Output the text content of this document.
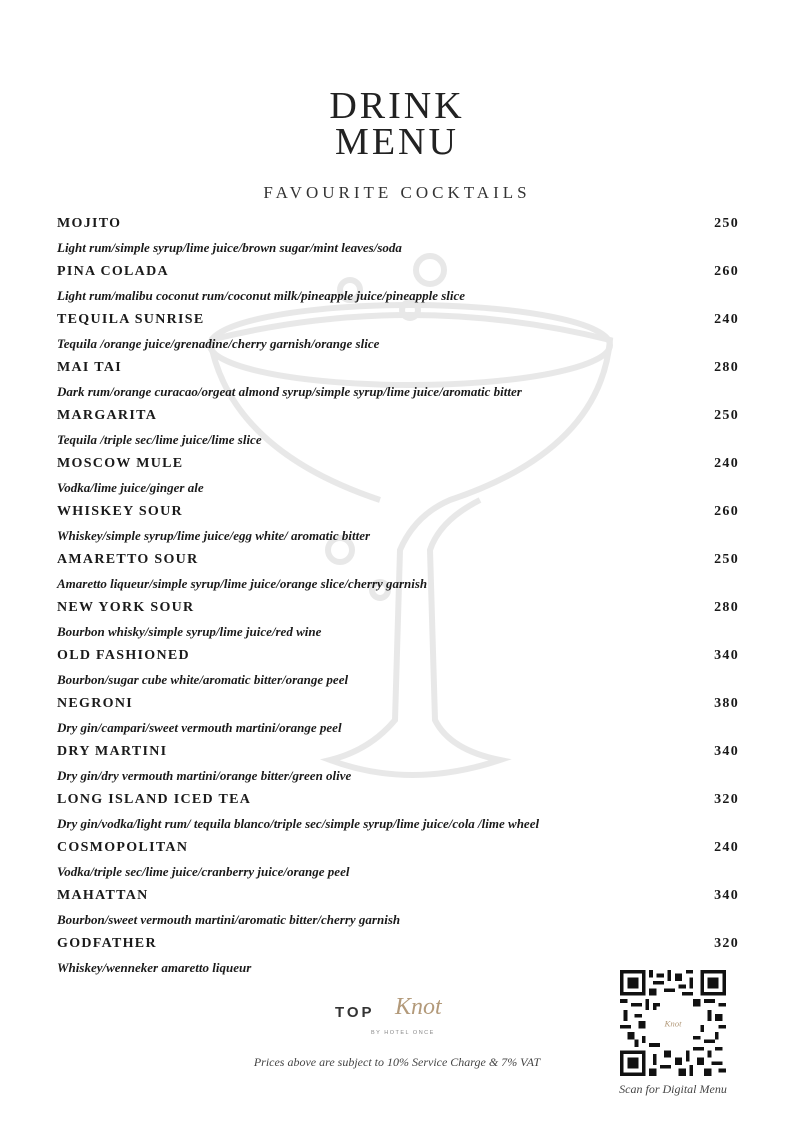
DRINK
MENU
FAVOURITE COCKTAILS
MOJITO	250
Light rum/simple syrup/lime juice/brown sugar/mint leaves/soda
PINA COLADA	260
Light rum/malibu coconut rum/coconut milk/pineapple juice/pineapple slice
TEQUILA SUNRISE	240
Tequila /orange juice/grenadine/cherry garnish/orange slice
MAI TAI	280
Dark rum/orange curacao/orgeat almond syrup/simple syrup/lime juice/aromatic bitter
MARGARITA	250
Tequila /triple sec/lime juice/lime slice
MOSCOW MULE	240
Vodka/lime juice/ginger ale
WHISKEY SOUR	260
Whiskey/simple syrup/lime juice/egg white/ aromatic bitter
AMARETTO SOUR	250
Amaretto liqueur/simple syrup/lime juice/orange slice/cherry garnish
NEW YORK SOUR	280
Bourbon whisky/simple syrup/lime juice/red wine
OLD FASHIONED	340
Bourbon/sugar cube white/aromatic bitter/orange peel
NEGRONI	380
Dry gin/campari/sweet vermouth martini/orange peel
DRY MARTINI	340
Dry gin/dry vermouth martini/orange bitter/green olive
LONG ISLAND ICED TEA	320
Dry gin/vodka/light rum/ tequila blanco/triple sec/simple syrup/lime juice/cola /lime wheel
COSMOPOLITAN	240
Vodka/triple sec/lime juice/cranberry juice/orange peel
MAHATTAN	340
Bourbon/sweet vermouth martini/aromatic bitter/cherry garnish
GODFATHER	320
Whiskey/wenneker amaretto liqueur
TOP Knot
BY HOTEL ONCE
Prices above are subject to 10% Service Charge & 7% VAT
Knot
Scan for Digital Menu
